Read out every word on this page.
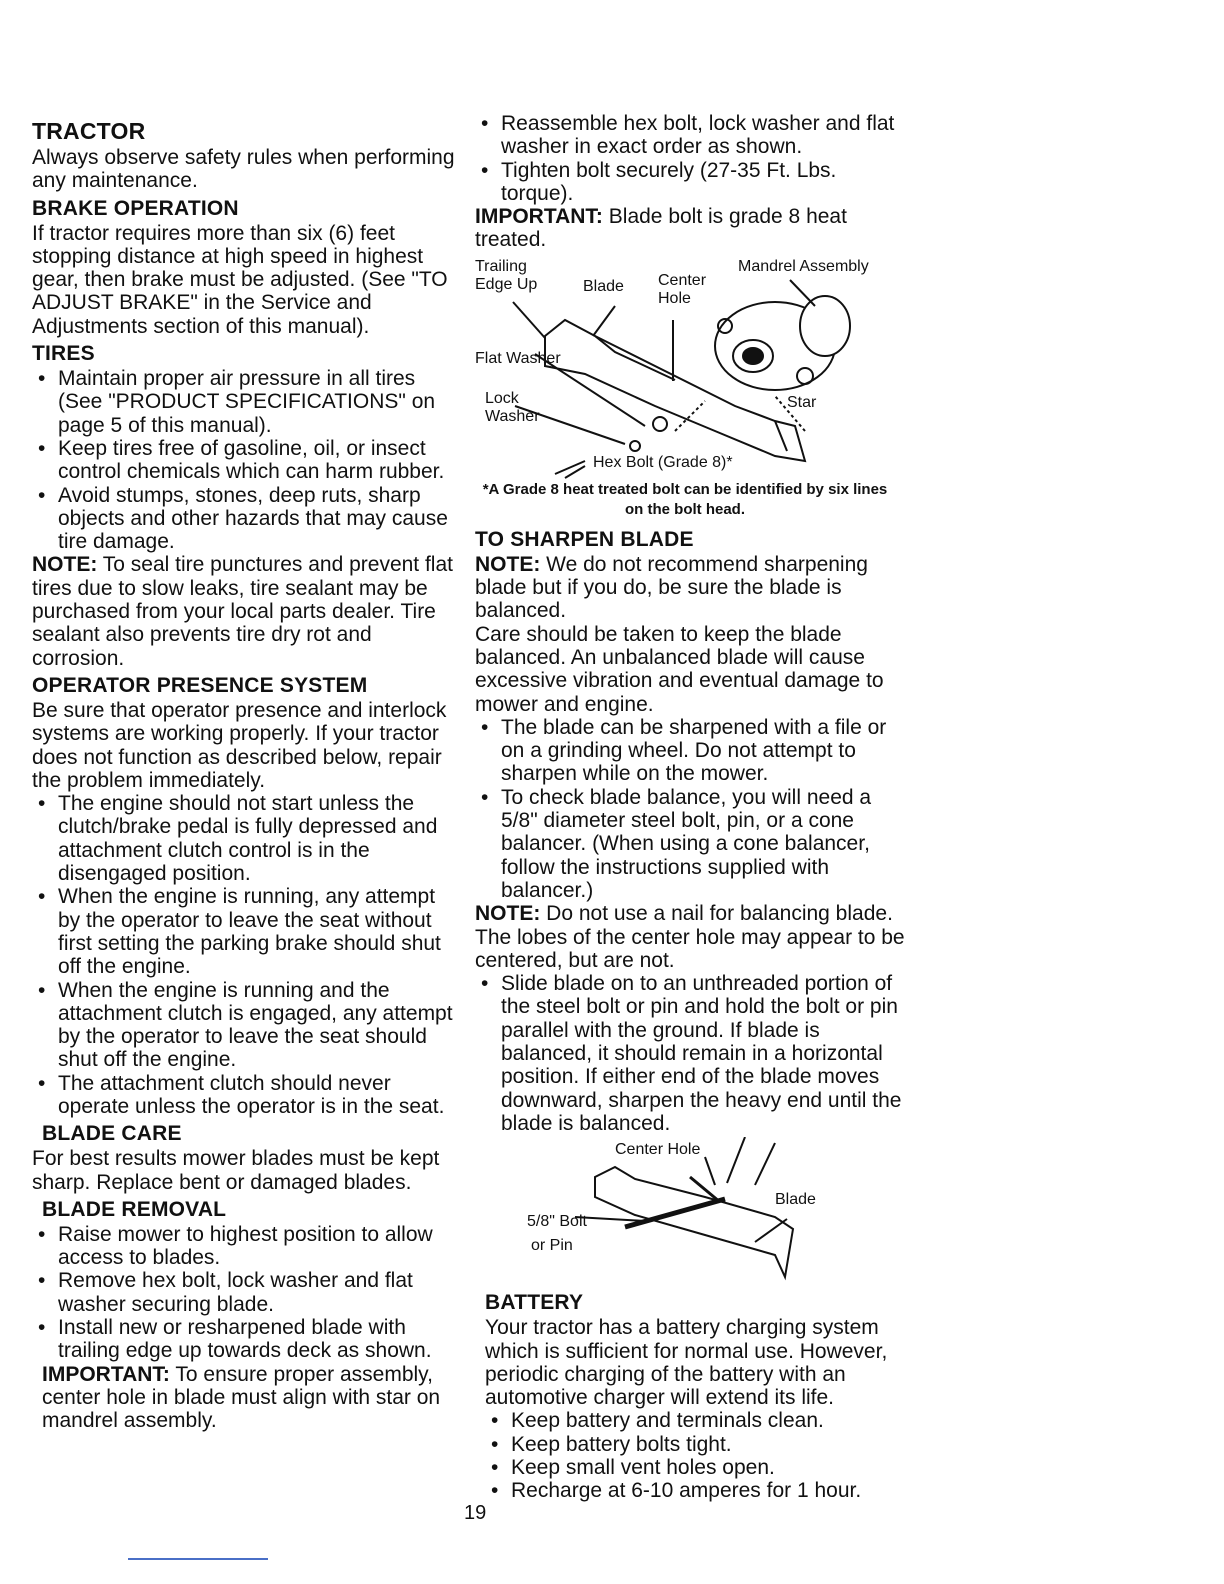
TRACTOR

Always observe safety rules when performing any maintenance.

BRAKE OPERATION

If tractor requires more than six (6) feet stopping distance at high speed in highest gear, then brake must be adjusted. (See "TO ADJUST BRAKE" in the Service and Adjustments section of this manual).

TIRES
• Maintain proper air pressure in all tires (See "PRODUCT SPECIFICATIONS" on page 5 of this manual).
• Keep tires free of gasoline, oil, or insect control chemicals which can harm rubber.
• Avoid stumps, stones, deep ruts, sharp objects and other hazards that may cause tire damage.

NOTE: To seal tire punctures and prevent flat tires due to slow leaks, tire sealant may be purchased from your local parts dealer. Tire sealant also prevents tire dry rot and corrosion.

OPERATOR PRESENCE SYSTEM

Be sure that operator presence and interlock systems are working properly. If your tractor does not function as described below, repair the problem immediately.

• The engine should not start unless the clutch/brake pedal is fully depressed and attachment clutch control is in the disengaged position.
• When the engine is running, any attempt by the operator to leave the seat without first setting the parking brake should shut off the engine.
• When the engine is running and the attachment clutch is engaged, any attempt by the operator to leave the seat should shut off the engine.
• The attachment clutch should never operate unless the operator is in the seat.
BLADE CARE

For best results mower blades must be kept sharp. Replace bent or damaged blades.

BLADE REMOVAL
• Raise mower to highest position to allow access to blades.
• Remove hex bolt, lock washer and flat washer securing blade.
• Install new or resharpened blade with trailing edge up towards deck as shown.

IMPORTANT: To ensure proper assembly, center hole in blade must align with star on mandrel assembly.

• Reassemble hex bolt, lock washer and flat washer in exact order as shown.
• Tighten bolt securely (27-35 Ft. Lbs. torque).

IMPORTANT: Blade bolt is grade 8 heat treated.

Trailing Edge Up	Blade Center Hole
Mandrel Assembly
Flat Washer
Lock Washer
Star
Hex Bolt (Grade 8)*
*A Grade 8 heat treated bolt can be identified by six lines on the bolt head.
TO SHARPEN BLADE

NOTE: We do not recommend sharpening blade but if you do, be sure the blade is balanced.

Care should be taken to keep the blade balanced. An unbalanced blade will cause excessive vibration and eventual damage to mower and engine.

• The blade can be sharpened with a file or on a grinding wheel. Do not attempt to sharpen while on the mower.
• To check blade balance, you will need a 5/8" diameter steel bolt, pin, or a cone balancer. (When using a cone balancer, follow the instructions supplied with balancer.)

NOTE: Do not use a nail for balancing blade. The lobes of the center hole may appear to be centered, but are not.

• Slide blade on to an unthreaded portion of the steel bolt or pin and hold the bolt or pin parallel with the ground. If blade is balanced, it should remain in a horizontal position. If either end of the blade moves downward, sharpen the heavy end until the blade is balanced.
Center Hole
Blade
5/8" Bolt
or Pin
BATTERY

Your tractor has a battery charging system which is sufficient for normal use. However, periodic charging of the battery with an automotive charger will extend its life.

• Keep battery and terminals clean.
• Keep battery bolts tight.
• Keep small vent holes open.
• Recharge at 6-10 amperes for 1 hour.
19
